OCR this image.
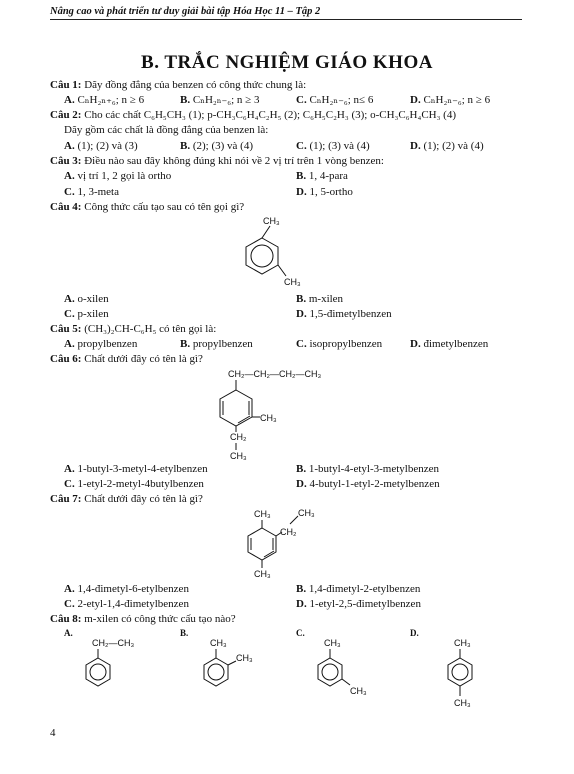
Nâng cao và phát triển tư duy giải bài tập Hóa Học 11 – Tập 2
B. TRẮC NGHIỆM GIÁO KHOA
Câu 1: Dãy đồng đẳng của benzen có công thức chung là:
A. CₙH₂ₙ₊₆; n ≥ 6	B. CₙH₂ₙ₋₆; n ≥ 3	C. CₙH₂ₙ₋₆; n≤ 6	D. CₙH₂ₙ₋₆; n ≥ 6
Câu 2: Cho các chất C₆H₅CH₃ (1); p-CH₃C₆H₄C₂H₅ (2); C₆H₅C₂H₃ (3); o-CH₃C₆H₄CH₃ (4)
Dãy gồm các chất là đồng đẳng của benzen là:
A. (1); (2) và (3)	B. (2); (3) và (4)	C. (1); (3) và (4)	D. (1); (2) và (4)
Câu 3: Điều nào sau đây không đúng khi nói về 2 vị trí trên 1 vòng benzen:
A. vị trí 1, 2 gọi là ortho	B. 1, 4-para
C. 1, 3-meta	D. 1, 5-ortho
Câu 4: Công thức cấu tạo sau có tên gọi gì?
CH₃
CH₃
A. o-xilen	B. m-xilen
C. p-xilen	D. 1,5-đimetylbenzen
Câu 5: (CH₃)₂CH-C₆H₅ có tên gọi là:
A. propylbenzen	B. propylbenzen	C. isopropylbenzen	D. đimetylbenzen
Câu 6: Chất dưới đây có tên là gì?
CH₂—CH₂—CH₂—CH₃
CH₃
CH₂
CH₃
A. 1-butyl-3-metyl-4-etylbenzen	B. 1-butyl-4-etyl-3-metylbenzen
C. 1-etyl-2-metyl-4butylbenzen	D. 4-butyl-1-etyl-2-metylbenzen
Câu 7: Chất dưới đây có tên là gì?
CH₃
CH₂
CH₃
CH₃
A. 1,4-đimetyl-6-etylbenzen	B. 1,4-đimetyl-2-etylbenzen
C. 2-etyl-1,4-đimetylbenzen	D. 1-etyl-2,5-đimetylbenzen
Câu 8: m-xilen có công thức cấu tạo nào?
A.	B.	C.	D.
CH₂—CH₃	CH₃
CH₃
CH₃
CH₃
CH₃
CH₃
4
